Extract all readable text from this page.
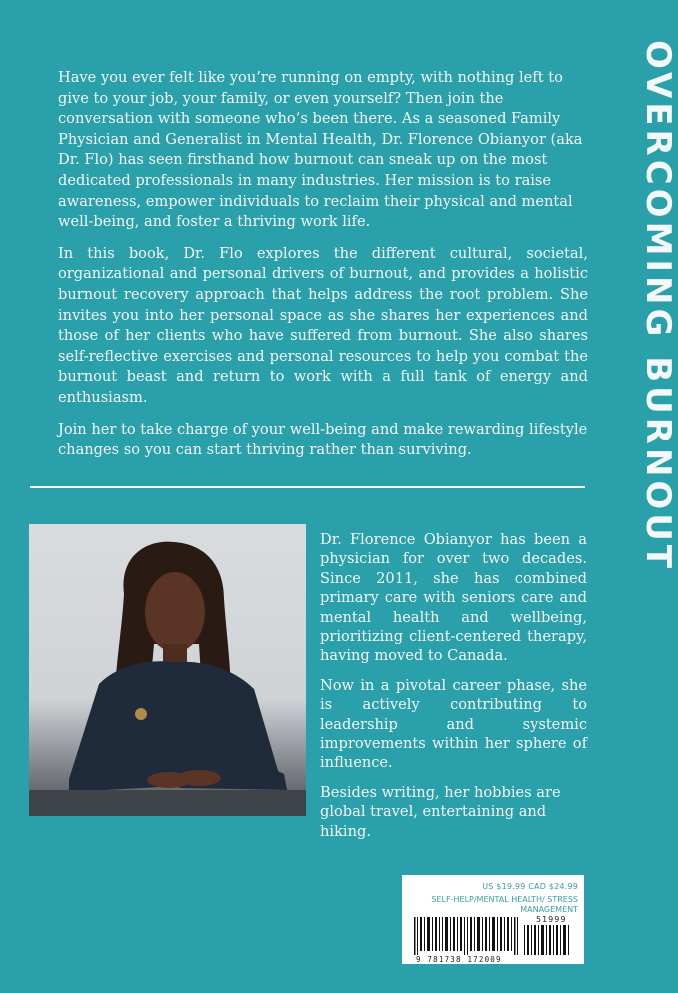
OVERCOMING BURNOUT

Have you ever felt like you’re running on empty, with nothing left to give to your job, your family, or even yourself? Then join the conversation with someone who’s been there. As a seasoned Family Physician and Generalist in Mental Health, Dr. Florence Obianyor (aka Dr. Flo) has seen firsthand how burnout can sneak up on the most dedicated professionals in many industries. Her mission is to raise awareness, empower individuals to reclaim their physical and mental well-being, and foster a thriving work life.

In this book, Dr. Flo explores the different cultural, societal, organizational and personal drivers of burnout, and provides a holistic burnout recovery approach that helps address the root problem. She invites you into her personal space as she shares her experiences and those of her clients who have suffered from burnout. She also shares self-reflective exercises and personal resources to help you combat the burnout beast and return to work with a full tank of energy and enthusiasm.

Join her to take charge of your well-being and make rewarding lifestyle changes so you can start thriving rather than surviving.

Dr. Florence Obianyor has been a physician for over two decades. Since 2011, she has combined primary care with seniors care and mental health and wellbeing, prioritizing client-centered therapy, having moved to Canada.

Now in a pivotal career phase, she is actively contributing to leadership and systemic improvements within her sphere of influence.

Besides writing, her hobbies are global travel, entertaining and hiking.

US $19.99 CAD $24.99
SELF-HELP/MENTAL HEALTH/ STRESS MANAGEMENT
51999
9 781738 172009
